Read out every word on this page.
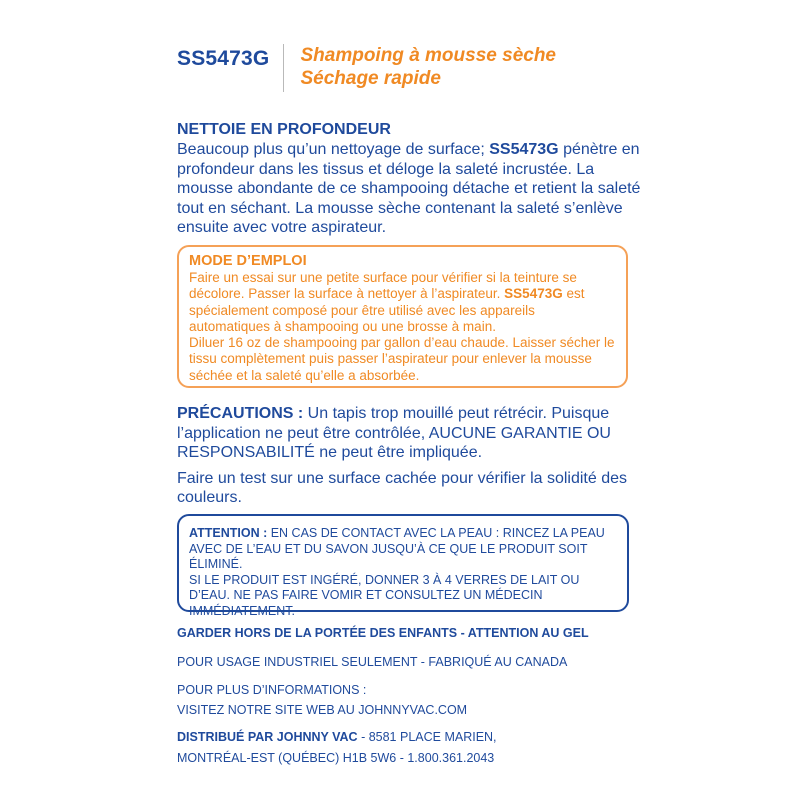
SS5473G Shampoing à mousse sèche
Séchage rapide
NETTOIE EN PROFONDEUR
Beaucoup plus qu’un nettoyage de surface; SS5473G pénètre en profondeur dans les tissus et déloge la saleté incrustée. La mousse abondante de ce shampooing détache et retient la saleté tout en séchant. La mousse sèche contenant la saleté s’enlève ensuite avec votre aspirateur.
MODE D’EMPLOI
Faire un essai sur une petite surface pour vérifier si la teinture se décolore. Passer la surface à nettoyer à l’aspirateur. SS5473G est spécialement composé pour être utilisé avec les appareils automatiques à shampooing ou une brosse à main.
Diluer 16 oz de shampooing par gallon d’eau chaude. Laisser sécher le tissu complètement puis passer l’aspirateur pour enlever la mousse séchée et la saleté qu’elle a absorbée.
PRÉCAUTIONS : Un tapis trop mouillé peut rétrécir. Puisque l’application ne peut être contrôlée, AUCUNE GARANTIE OU RESPONSABILITÉ ne peut être impliquée.
Faire un test sur une surface cachée pour vérifier la solidité des couleurs.
ATTENTION : EN CAS DE CONTACT AVEC LA PEAU : RINCEZ LA PEAU AVEC DE L’EAU ET DU SAVON JUSQU’À CE QUE LE PRODUIT SOIT ÉLIMINÉ.
SI LE PRODUIT EST INGÉRÉ, DONNER 3 À 4 VERRES DE LAIT OU D’EAU. NE PAS FAIRE VOMIR ET CONSULTEZ UN MÉDECIN IMMÉDIATEMENT.
GARDER HORS DE LA PORTÉE DES ENFANTS - ATTENTION AU GEL
POUR USAGE INDUSTRIEL SEULEMENT - FABRIQUÉ AU CANADA
POUR PLUS D’INFORMATIONS :
VISITEZ NOTRE SITE WEB AU JOHNNYVAC.COM
DISTRIBUÉ PAR JOHNNY VAC - 8581 PLACE MARIEN,
MONTRÉAL-EST (QUÉBEC) H1B 5W6 - 1.800.361.2043
